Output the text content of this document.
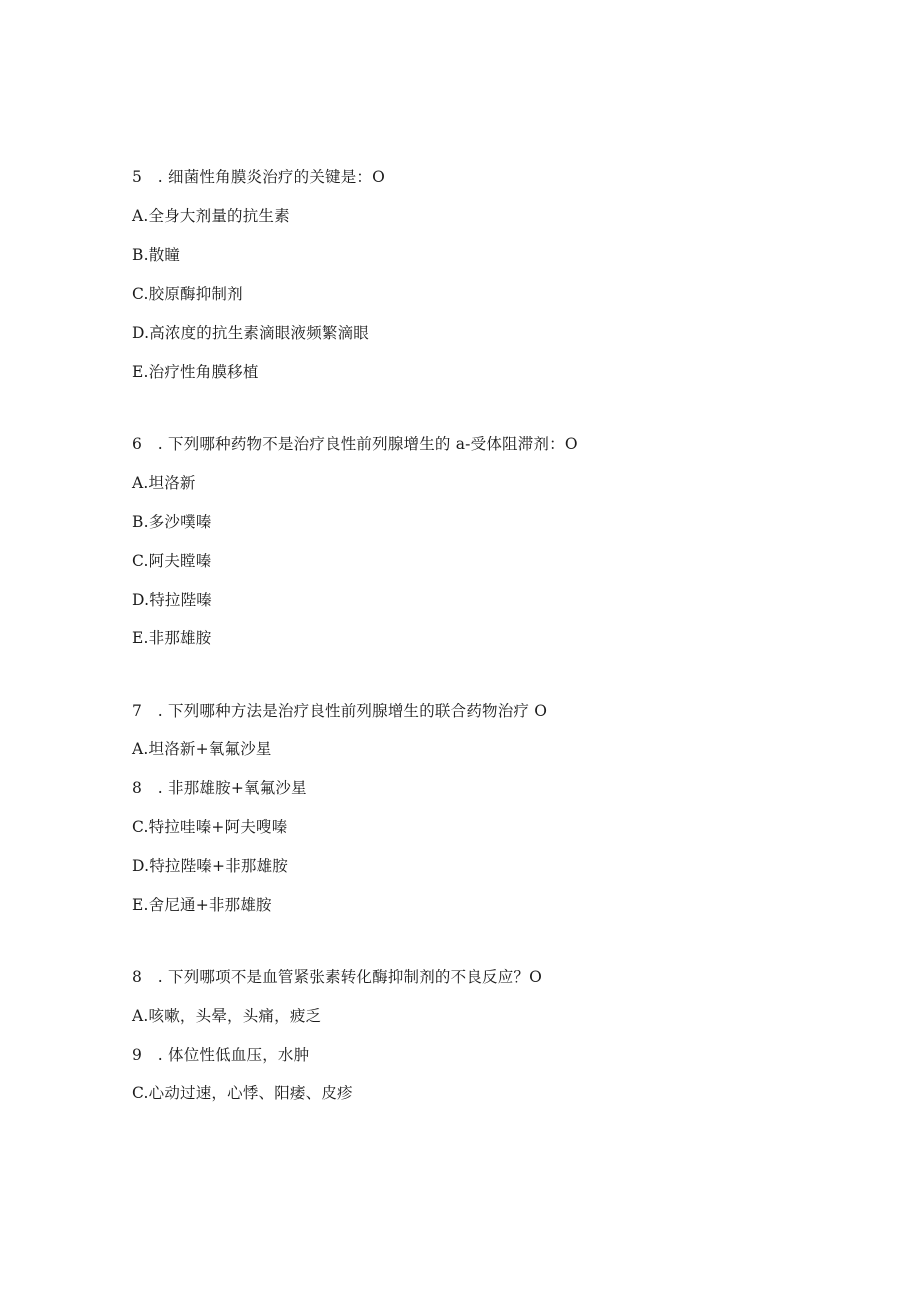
5　. 细菌性角膜炎治疗的关键是：O
A.全身大剂量的抗生素
B.散瞳
C.胶原酶抑制剂
D.高浓度的抗生素滴眼液频繁滴眼
E.治疗性角膜移植
6　. 下列哪种药物不是治疗良性前列腺增生的 a-受体阻滞剂：O
A.坦洛新
B.多沙噗嗪
C.阿夫瞠嗪
D.特拉陛嗪
E.非那雄胺
7　. 下列哪种方法是治疗良性前列腺增生的联合药物治疗 O
A.坦洛新+氧氟沙星
8　. 非那雄胺+氧氟沙星
C.特拉哇嗪+阿夫嗖嗪
D.特拉陛嗪+非那雄胺
E.舍尼通+非那雄胺
8　. 下列哪项不是血管紧张素转化酶抑制剂的不良反应？O
A.咳嗽，头晕，头痛，疲乏
9　. 体位性低血压，水肿
C.心动过速，心悸、阳痿、皮疹
